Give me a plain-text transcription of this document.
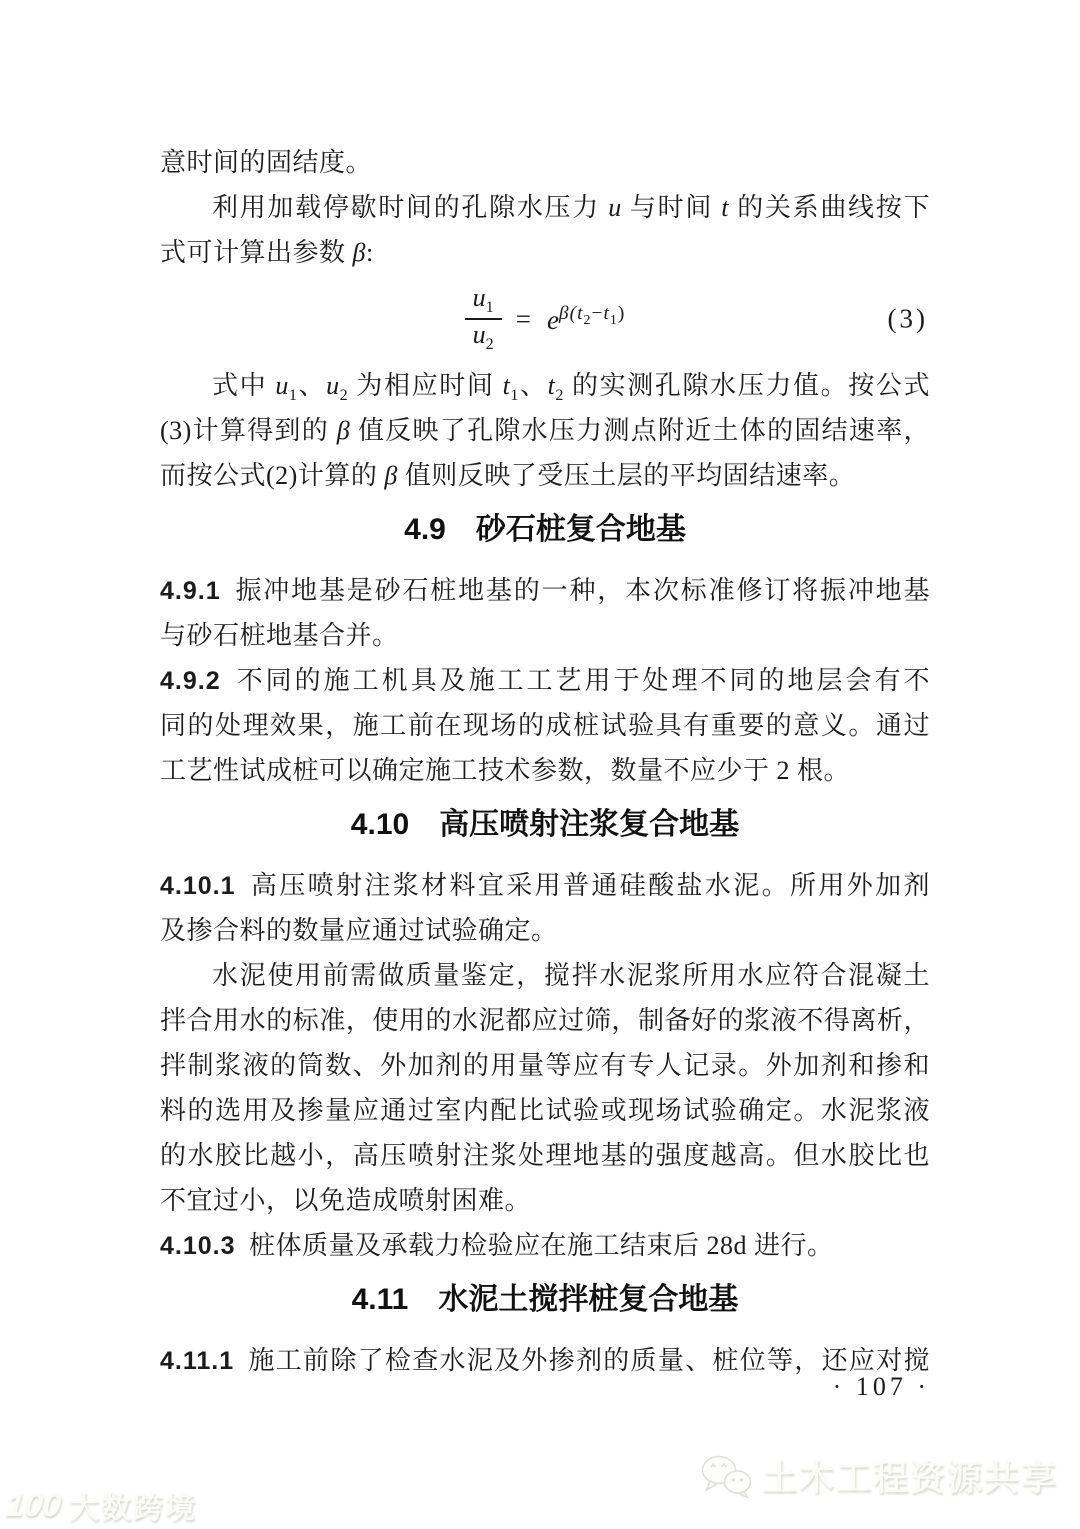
意时间的固结度。
利用加载停歇时间的孔隙水压力 u 与时间 t 的关系曲线按下
式可计算出参数 β:
$\frac{u_1}{u_2} = e^{\beta(t_2-t_1)}$	(3)
式中 $u_1$、$u_2$ 为相应时间 $t_1$、$t_2$ 的实测孔隙水压力值。按公式
(3)计算得到的 β 值反映了孔隙水压力测点附近土体的固结速率，
而按公式(2)计算的 β 值则反映了受压土层的平均固结速率。
4.9  砂石桩复合地基
4.9.1  振冲地基是砂石桩地基的一种，本次标准修订将振冲地基
与砂石桩地基合并。
4.9.2  不同的施工机具及施工工艺用于处理不同的地层会有不
同的处理效果，施工前在现场的成桩试验具有重要的意义。通过
工艺性试成桩可以确定施工技术参数，数量不应少于 2 根。
4.10  高压喷射注浆复合地基
4.10.1  高压喷射注浆材料宜采用普通硅酸盐水泥。所用外加剂
及掺合料的数量应通过试验确定。
水泥使用前需做质量鉴定，搅拌水泥浆所用水应符合混凝土
拌合用水的标准，使用的水泥都应过筛，制备好的浆液不得离析，
拌制浆液的筒数、外加剂的用量等应有专人记录。外加剂和掺和
料的选用及掺量应通过室内配比试验或现场试验确定。水泥浆液
的水胶比越小，高压喷射注浆处理地基的强度越高。但水胶比也
不宜过小，以免造成喷射困难。
4.10.3  桩体质量及承载力检验应在施工结束后 28d 进行。
4.11  水泥土搅拌桩复合地基
4.11.1  施工前除了检查水泥及外掺剂的质量、桩位等，还应对搅
· 107 ·
100 大数跨境
土木工程资源共享
